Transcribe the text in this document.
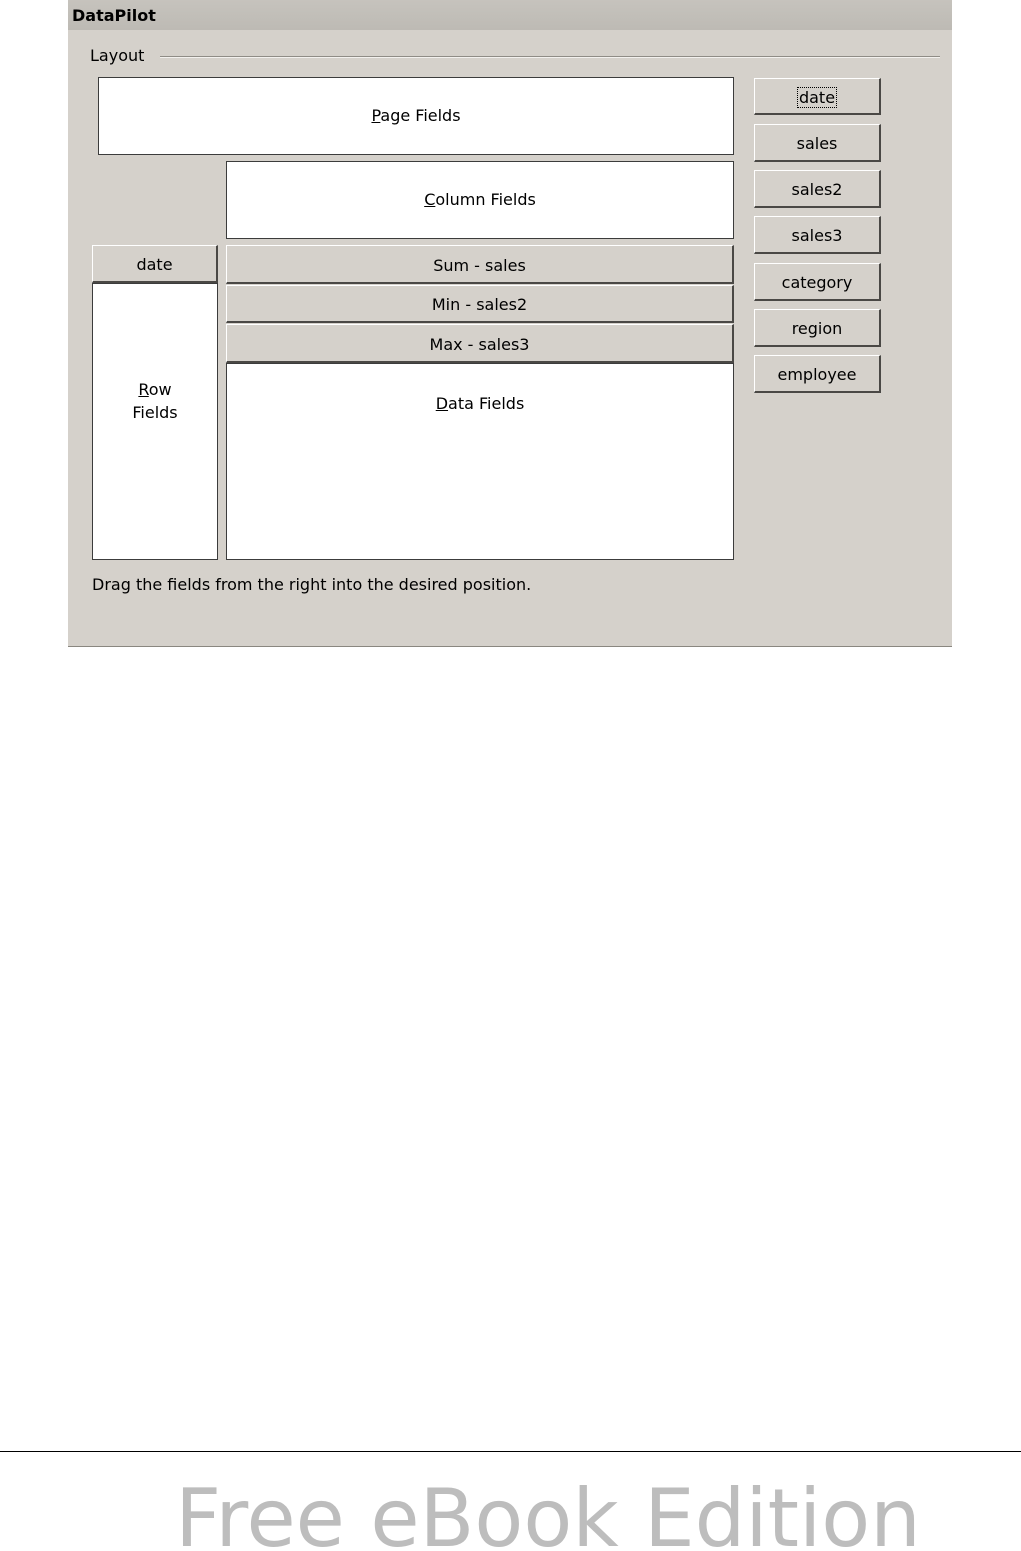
DataPilot
Layout
Page Fields
Column Fields
date
Row
Fields
Sum - sales
Min - sales2
Max - sales3
Data Fields
date
sales
sales2
sales3
category
region
employee
Drag the fields from the right into the desired position.
Free eBook Edition
